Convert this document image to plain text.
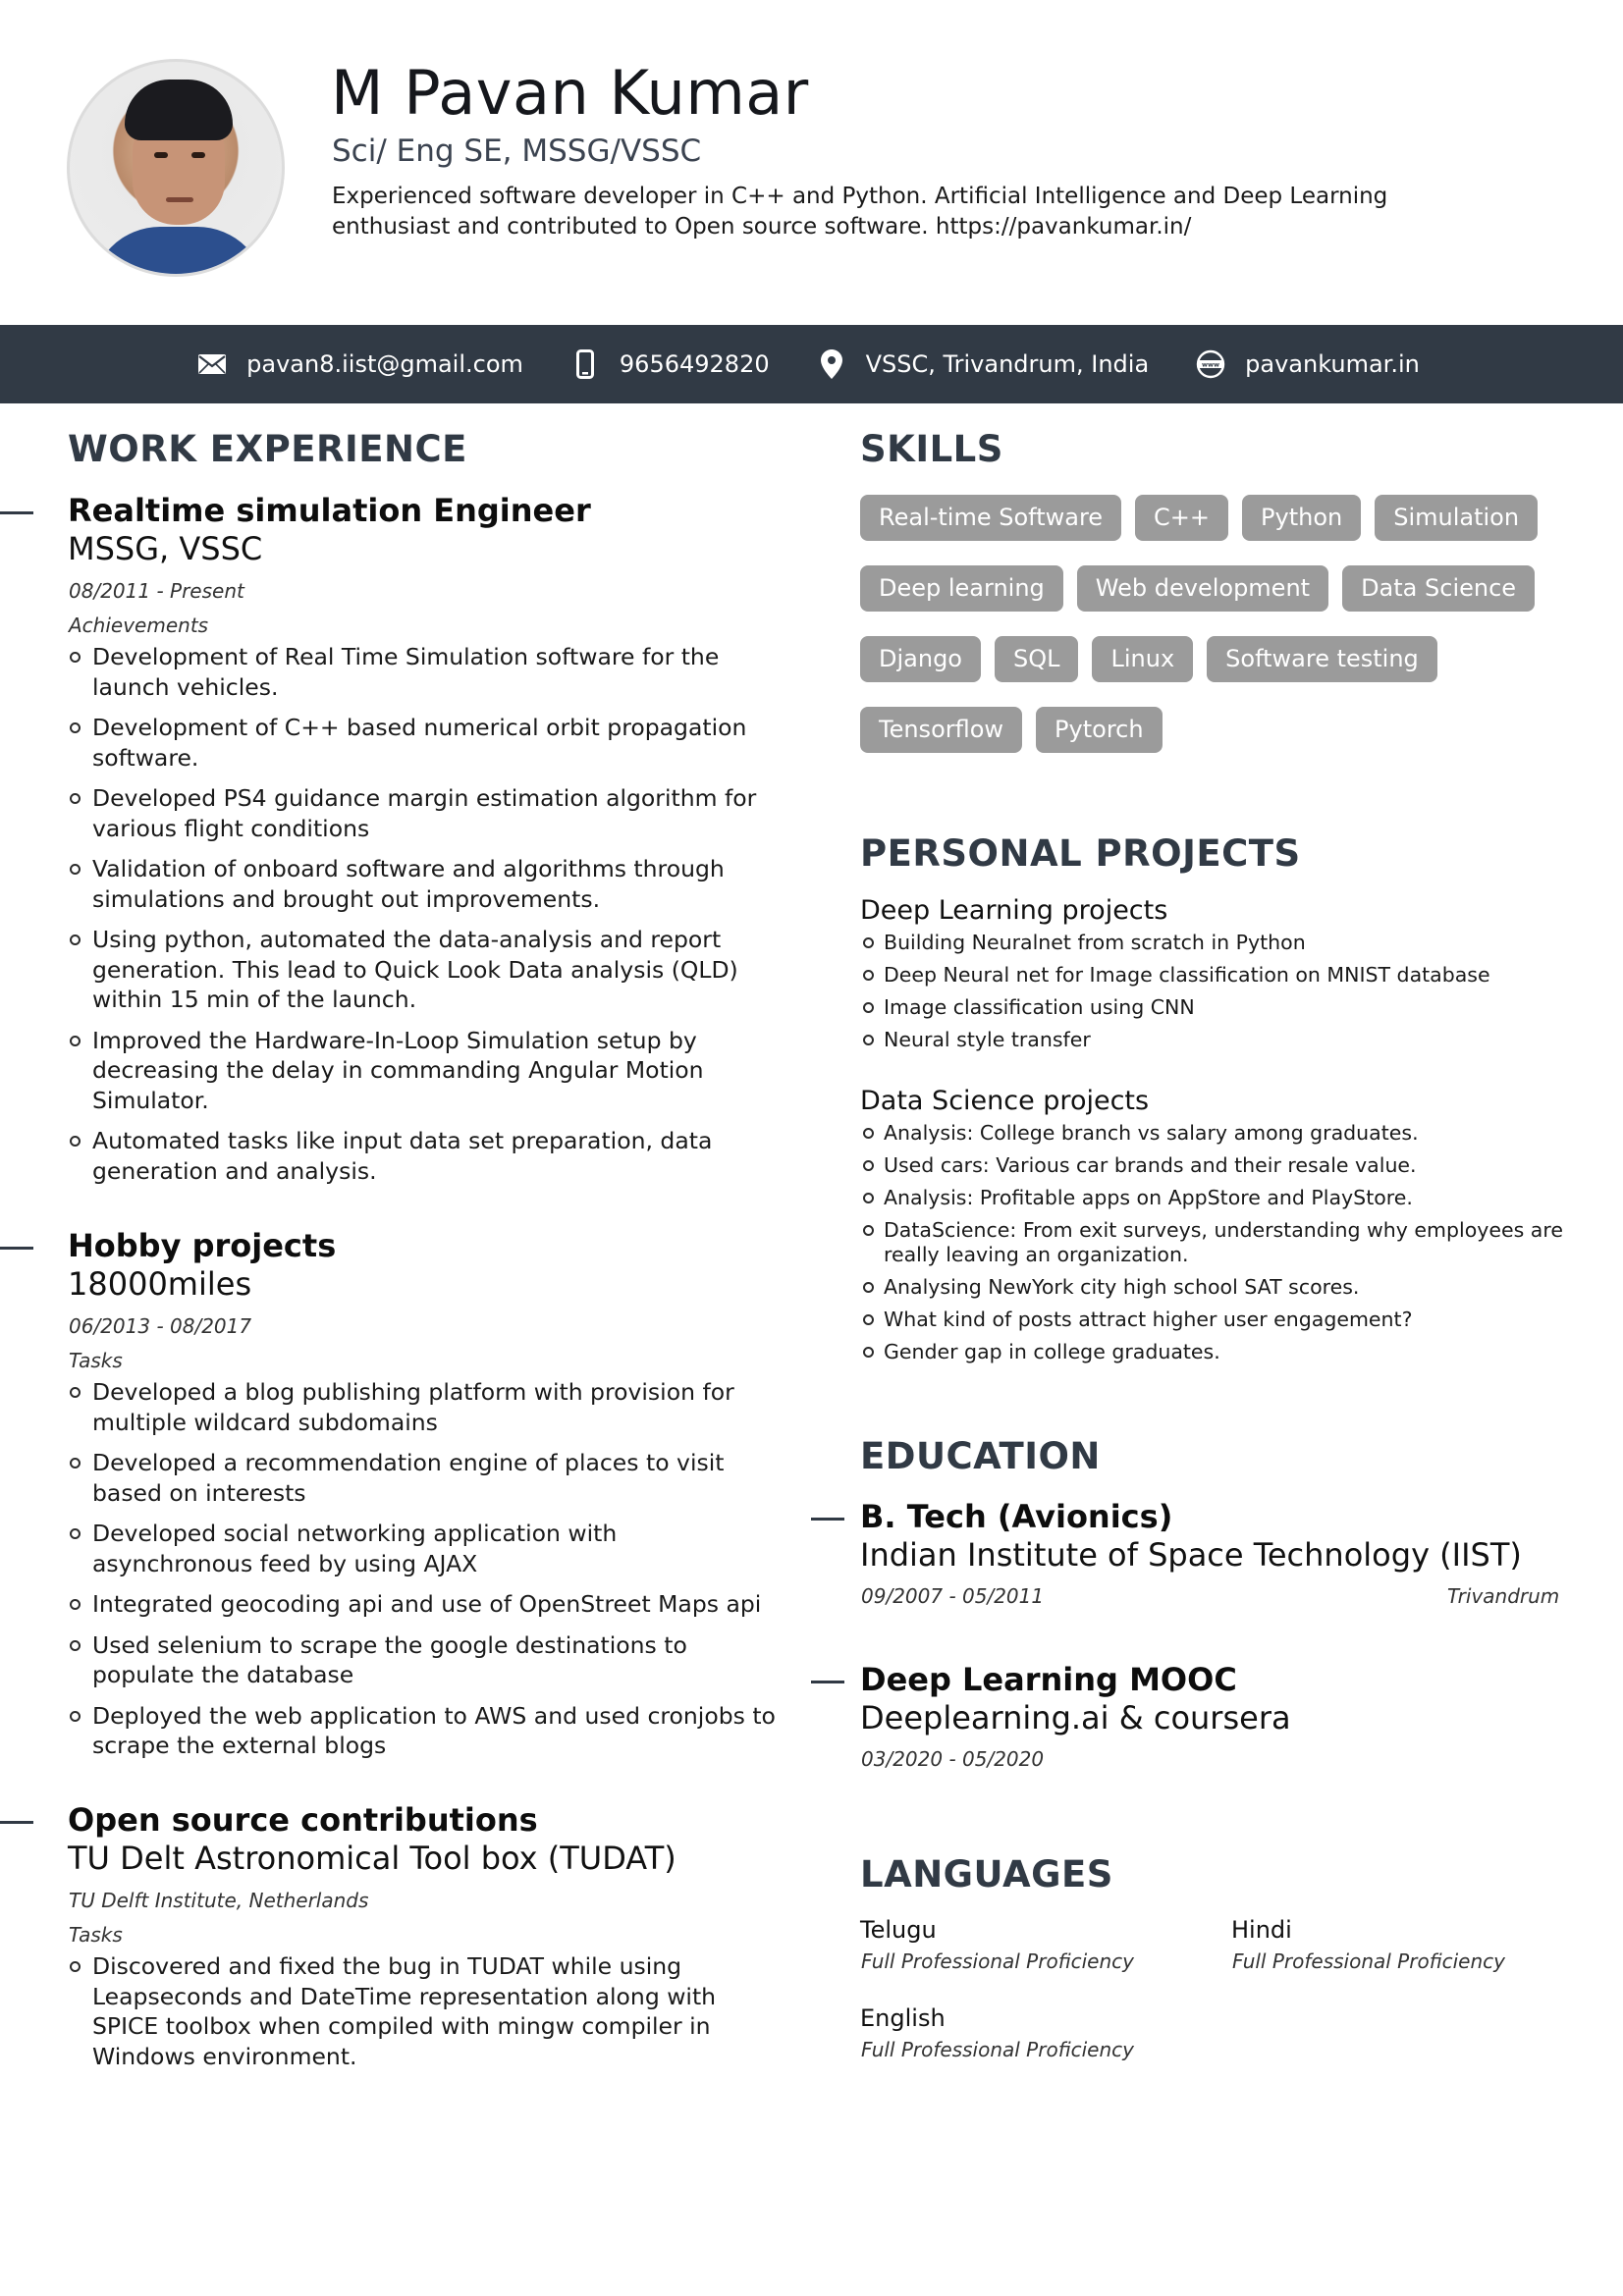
M Pavan Kumar
Sci/ Eng SE, MSSG/VSSC
Experienced software developer in C++ and Python. Artificial Intelligence and Deep Learning enthusiast and contributed to Open source software. https://pavankumar.in/
pavan8.iist@gmail.com	9656492820	VSSC, Trivandrum, India	www pavankumar.in
WORK EXPERIENCE
Realtime simulation Engineer
MSSG, VSSC
08/2011 - Present
Achievements
Development of Real Time Simulation software for the launch vehicles.
Development of C++ based numerical orbit propagation software.
Developed PS4 guidance margin estimation algorithm for various flight conditions
Validation of onboard software and algorithms through simulations and brought out improvements.
Using python, automated the data-analysis and report generation. This lead to Quick Look Data analysis (QLD) within 15 min of the launch.
Improved the Hardware-In-Loop Simulation setup by decreasing the delay in commanding Angular Motion Simulator.
Automated tasks like input data set preparation, data generation and analysis.
Hobby projects
18000miles
06/2013 - 08/2017
Tasks
Developed a blog publishing platform with provision for multiple wildcard subdomains
Developed a recommendation engine of places to visit based on interests
Developed social networking application with asynchronous feed by using AJAX
Integrated geocoding api and use of OpenStreet Maps api
Used selenium to scrape the google destinations to populate the database
Deployed the web application to AWS and used cronjobs to scrape the external blogs
Open source contributions
TU Delt Astronomical Tool box (TUDAT)
TU Delft Institute, Netherlands
Tasks
Discovered and fixed the bug in TUDAT while using Leapseconds and DateTime representation along with SPICE toolbox when compiled with mingw compiler in Windows environment.
SKILLS
Real-time Software	C++	Python	Simulation
Deep learning	Web development	Data Science
Django	SQL	Linux	Software testing
Tensorflow	Pytorch
PERSONAL PROJECTS
Deep Learning projects
Building Neuralnet from scratch in Python
Deep Neural net for Image classification on MNIST database
Image classification using CNN
Neural style transfer
Data Science projects
Analysis: College branch vs salary among graduates.
Used cars: Various car brands and their resale value.
Analysis: Profitable apps on AppStore and PlayStore.
DataScience: From exit surveys, understanding why employees are really leaving an organization.
Analysing NewYork city high school SAT scores.
What kind of posts attract higher user engagement?
Gender gap in college graduates.
EDUCATION
B. Tech (Avionics)
Indian Institute of Space Technology (IIST)
09/2007 - 05/2011	Trivandrum
Deep Learning MOOC
Deeplearning.ai & coursera
03/2020 - 05/2020
LANGUAGES
Telugu
Full Professional Proficiency
Hindi
Full Professional Proficiency
English
Full Professional Proficiency
